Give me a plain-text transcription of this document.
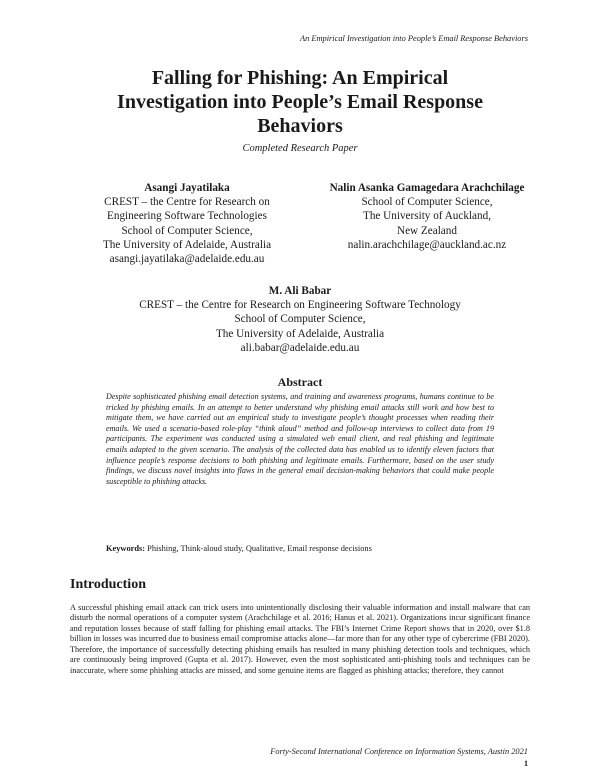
An Empirical Investigation into People’s Email Response Behaviors
Falling for Phishing: An Empirical
Investigation into People’s Email Response
Behaviors
Completed Research Paper
Asangi Jayatilaka
CREST – the Centre for Research on
Engineering Software Technologies
School of Computer Science,
The University of Adelaide, Australia
asangi.jayatilaka@adelaide.edu.au
Nalin Asanka Gamagedara Arachchilage
School of Computer Science,
The University of Auckland,
New Zealand
nalin.arachchilage@auckland.ac.nz
M. Ali Babar
CREST – the Centre for Research on Engineering Software Technology
School of Computer Science,
The University of Adelaide, Australia
ali.babar@adelaide.edu.au
Abstract
Despite sophisticated phishing email detection systems, and training and awareness programs, humans continue to be tricked by phishing emails. In an attempt to better understand why phishing email attacks still work and how best to mitigate them, we have carried out an empirical study to investigate people’s thought processes when reading their emails. We used a scenario-based role-play “think aloud” method and follow-up interviews to collect data from 19 participants. The experiment was conducted using a simulated web email client, and real phishing and legitimate emails adapted to the given scenario. The analysis of the collected data has enabled us to identify eleven factors that influence people’s response decisions to both phishing and legitimate emails. Furthermore, based on the user study findings, we discuss novel insights into flaws in the general email decision-making behaviors that could make people susceptible to phishing attacks.
Keywords: Phishing, Think-aloud study, Qualitative, Email response decisions
Introduction
A successful phishing email attack can trick users into unintentionally disclosing their valuable information and install malware that can disturb the normal operations of a computer system (Arachchilage et al. 2016; Hanus et al. 2021). Organizations incur significant finance and reputation losses because of staff falling for phishing email attacks. The FBI’s Internet Crime Report shows that in 2020, over $1.8 billion in losses was incurred due to business email compromise attacks alone—far more than for any other type of cybercrime (FBI 2020). Therefore, the importance of successfully detecting phishing emails has resulted in many phishing detection tools and techniques, which are continuously being improved (Gupta et al. 2017). However, even the most sophisticated anti-phishing tools and techniques can be inaccurate, where some phishing attacks are missed, and some genuine items are flagged as phishing attacks; therefore, they cannot
Forty-Second International Conference on Information Systems, Austin 2021
1
